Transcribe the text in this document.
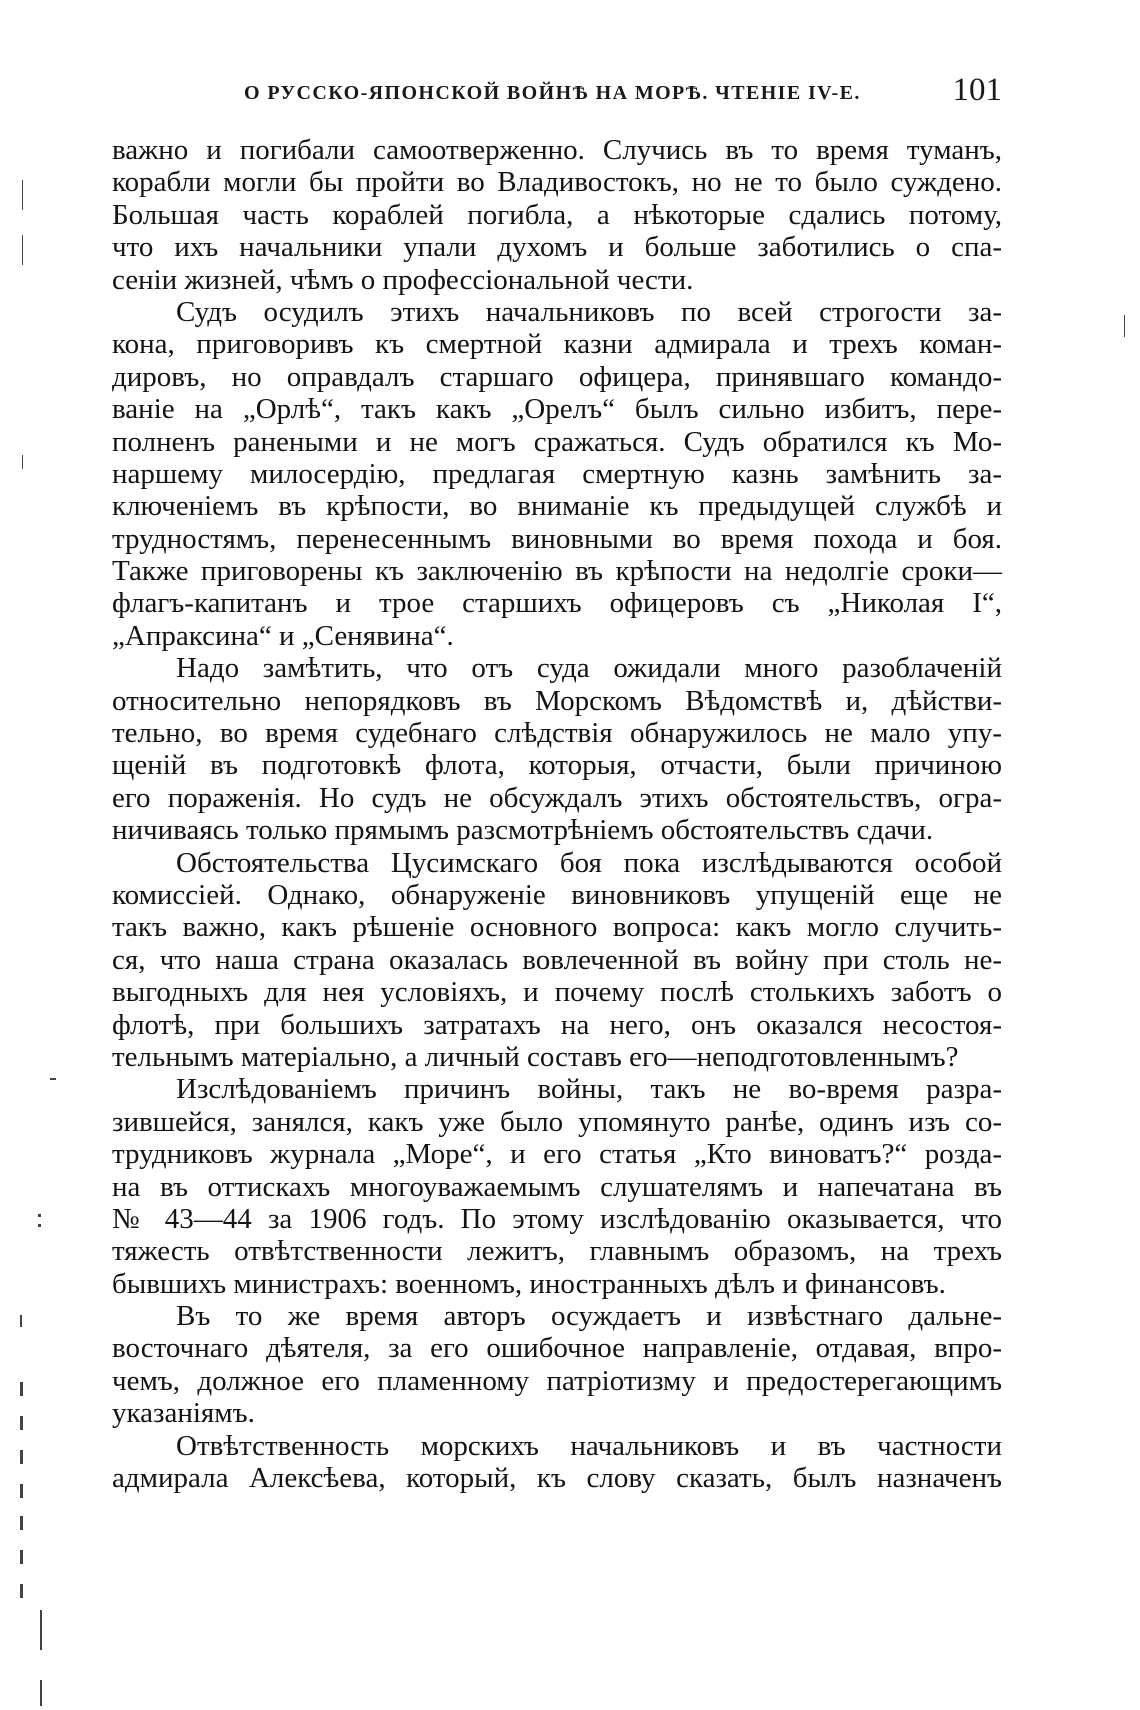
О РУССКО-ЯПОНСКОЙ ВОЙНѢ НА МОРѢ. ЧТЕНІЕ IV-Е.	101
важно и погибали самоотверженно. Случись въ то время туманъ,
корабли могли бы пройти во Владивостокъ, но не то было суждено.
Большая часть кораблей погибла, а нѣкоторые сдались потому,
что ихъ начальники упали духомъ и больше заботились о спа-
сеніи жизней, чѣмъ о профессіональной чести.
Судъ осудилъ этихъ начальниковъ по всей строгости за-
кона, приговоривъ къ смертной казни адмирала и трехъ коман-
дировъ, но оправдалъ старшаго офицера, принявшаго командо-
ваніе на „Орлѣ“, такъ какъ „Орелъ“ былъ сильно избитъ, пере-
полненъ ранеными и не могъ сражаться. Судъ обратился къ Мо-
наршему милосердію, предлагая смертную казнь замѣнить за-
ключеніемъ въ крѣпости, во вниманіе къ предыдущей службѣ и
трудностямъ, перенесеннымъ виновными во время похода и боя.
Также приговорены къ заключенію въ крѣпости на недолгіе сроки—
флагъ-капитанъ и трое старшихъ офицеровъ съ „Николая I“,
„Апраксина“ и „Сенявина“.
Надо замѣтить, что отъ суда ожидали много разоблаченій
относительно непорядковъ въ Морскомъ Вѣдомствѣ и, дѣйстви-
тельно, во время судебнаго слѣдствія обнаружилось не мало упу-
щеній въ подготовкѣ флота, которыя, отчасти, были причиною
его пораженія. Но судъ не обсуждалъ этихъ обстоятельствъ, огра-
ничиваясь только прямымъ разсмотрѣніемъ обстоятельствъ сдачи.
Обстоятельства Цусимскаго боя пока изслѣдываются особой
комиссіей. Однако, обнаруженіе виновниковъ упущеній еще не
такъ важно, какъ рѣшеніе основного вопроса: какъ могло случить-
ся, что наша страна оказалась вовлеченной въ войну при столь не-
выгодныхъ для нея условіяхъ, и почему послѣ столькихъ заботъ о
флотѣ, при большихъ затратахъ на него, онъ оказался несостоя-
тельнымъ матеріально, а личный составъ его—неподготовленнымъ?
Изслѣдованіемъ причинъ войны, такъ не во-время разра-
зившейся, занялся, какъ уже было упомянуто ранѣе, одинъ изъ со-
трудниковъ журнала „Море“, и его статья „Кто виноватъ?“ розда-
на въ оттискахъ многоуважаемымъ слушателямъ и напечатана въ
№ 43—44 за 1906 годъ. По этому изслѣдованію оказывается, что
тяжесть отвѣтственности лежитъ, главнымъ образомъ, на трехъ
бывшихъ министрахъ: военномъ, иностранныхъ дѣлъ и финансовъ.
Въ то же время авторъ осуждаетъ и извѣстнаго дальне-
восточнаго дѣятеля, за его ошибочное направленіе, отдавая, впро-
чемъ, должное его пламенному патріотизму и предостерегающимъ
указаніямъ.
Отвѣтственность морскихъ начальниковъ и въ частности
адмирала Алексѣева, который, къ слову сказать, былъ назначенъ
